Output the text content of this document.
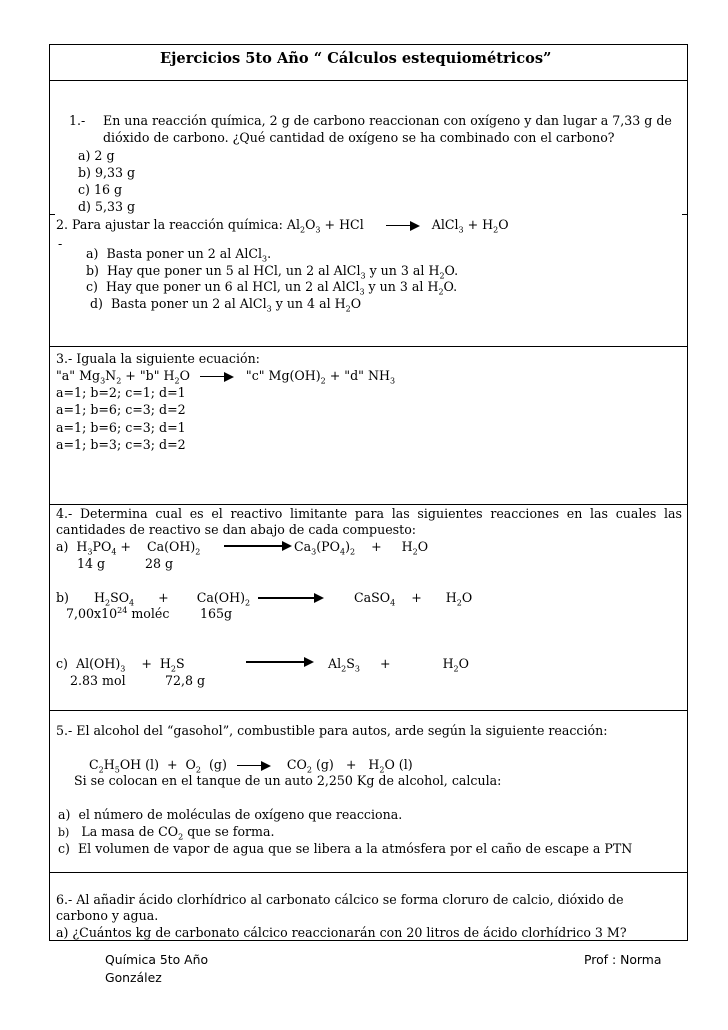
Ejercicios 5to Año “ Cálculos estequiométricos”
1.- En una reacción química, 2 g de carbono reaccionan con oxígeno y dan lugar a 7,33 g de
dióxido de carbono. ¿Qué cantidad de oxígeno se ha combinado con el carbono?
a) 2 g
b) 9,33 g
c) 16 g
d) 5,33 g
2. Para ajustar la reacción química: $Al_2O_3$ + HCl	AlCl$_3$ + $H_2O$
-
a) Basta poner un 2 al AlCl$_3$.
b) Hay que poner un 5 al HCl, un 2 al AlCl$_3$ y un 3 al $H_2O$.
c) Hay que poner un 6 al HCl, un 2 al AlCl$_3$ y un 3 al $H_2O$.
d) Basta poner un 2 al AlCl$_3$ y un 4 al $H_2O$
3.- Iguala la siguiente ecuación:
"a" $Mg_3N_2$ + "b" $H_2O$	"c" $Mg(OH)_2$ + "d" $NH_3$
a=1; b=2; c=1; d=1
a=1; b=6; c=3; d=2
a=1; b=6; c=3; d=1
a=1; b=3; c=3; d=2
4.- Determina cual es el reactivo limitante para las siguientes reacciones en las cuales las
cantidades de reactivo se dan abajo de cada compuesto:
a)  $H_3PO_4$ +    $Ca(OH)_2$	$Ca_3(PO_4)_2$    +     $H_2O$
14 g	28 g
b) $H_2SO_4$      +       $Ca(OH)_2$	CaSO$_4$    +      $H_2O$
$7,00x10^{24}$ moléc 165g
c)  $Al(OH)_3$    +  $H_2S$	$Al_2S_3$     +             $H_2O$
2.83 mol	72,8 g
5.- El alcohol del “gasohol”, combustible para autos, arde según la siguiente reacción:
$C_2H_5OH$ $(l) + O_2$  (g)	$CO_2$ $(g) + H_2O$ (l)
Si se colocan en el tanque de un auto 2,250 Kg de alcohol, calcula:
a) el número de moléculas de oxígeno que reacciona.
b) La masa de $CO_2$ que se forma.
c) El volumen de vapor de agua que se libera a la atmósfera por el caño de escape a PTN
6.- Al añadir ácido clorhídrico al carbonato cálcico se forma cloruro de calcio, dióxido de
carbono y agua.
a) ¿Cuántos kg de carbonato cálcico reaccionarán con 20 litros de ácido clorhídrico 3 M?
Química 5to Año
González
Prof : Norma
